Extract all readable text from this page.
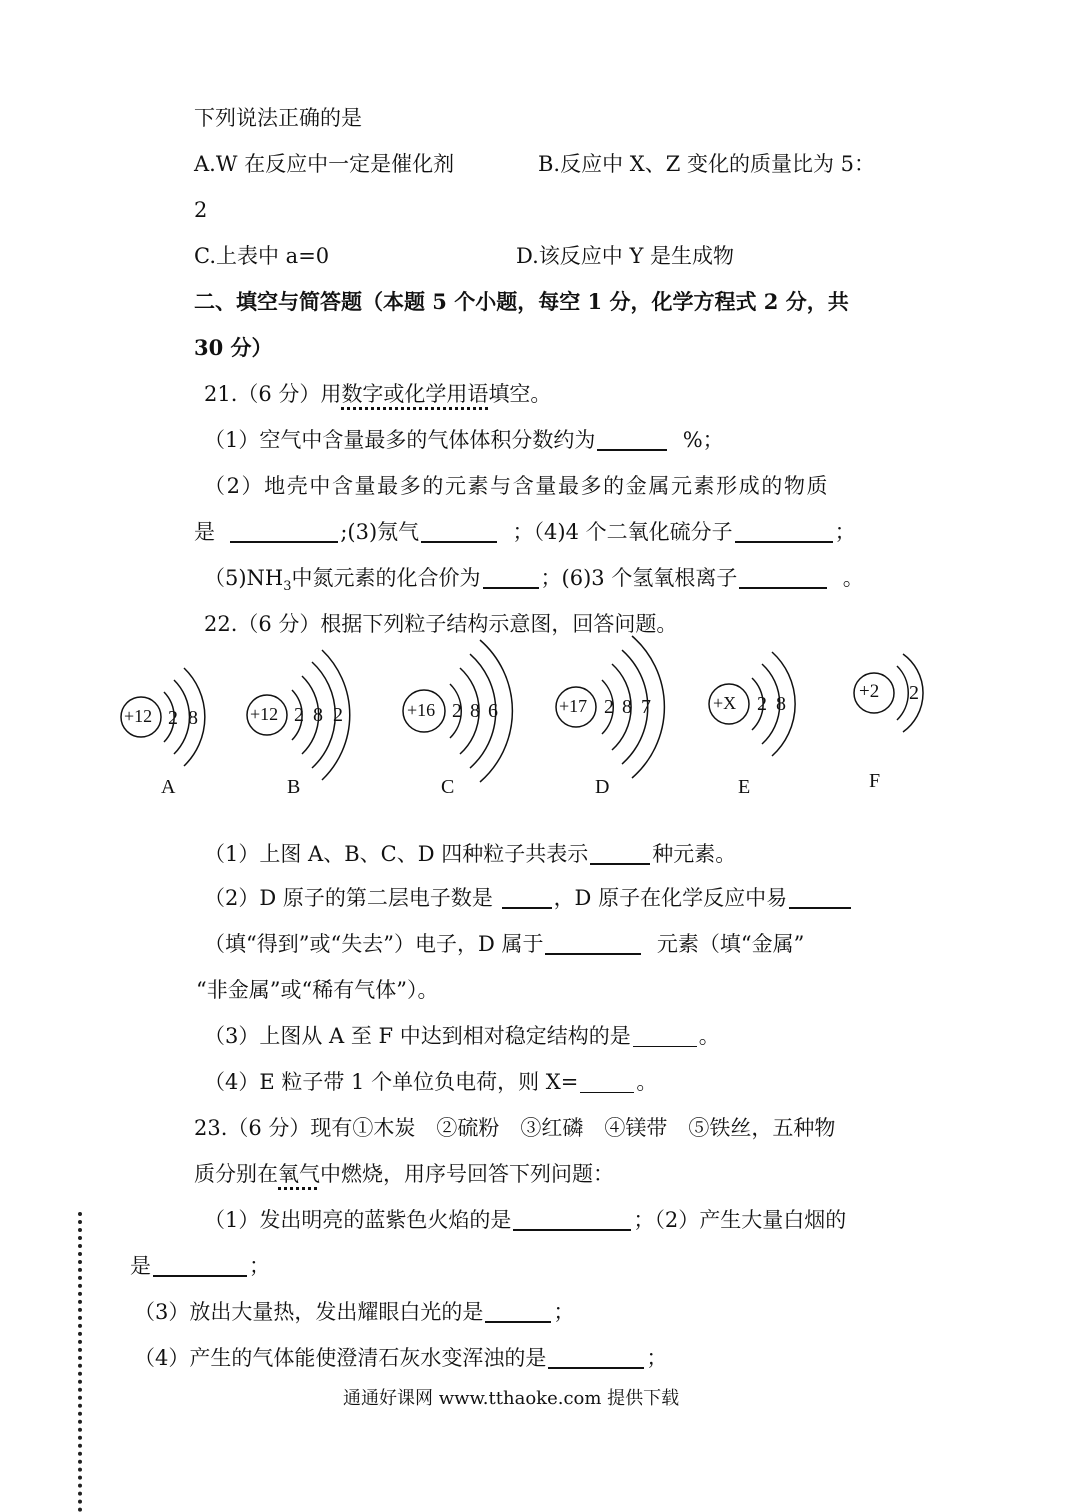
下列说法正确的是
A.W 在反应中一定是催化剂	B.反应中 X、Z 变化的质量比为 5：
2
C.上表中 a=0	D.该反应中 Y 是生成物
二、填空与简答题（本题 5 个小题，每空 1 分，化学方程式 2 分，共
30 分）
21.（6 分）用数字或化学用语填空。
（1）空气中含量最多的气体体积分数约为	%；
（2）地壳中含量最多的元素与含量最多的金属元素形成的物质
是	;(3)氖气	；（4)4 个二氧化硫分子	；
$(5)NH_3$中氮元素的化合价为	；(6)3 个氢氧根离子	。
22.（6 分）根据下列粒子结构示意图，回答问题。
+12 2 8
A
+12 2 8 2
B
+16 2 8 6
C
+17 2 8 7
D
+X 2 8
E
+2 2
F
（1）上图 A、B、C、D 四种粒子共表示	种元素。
（2）D 原子的第二层电子数是	，D 原子在化学反应中易
（填“得到”或“失去”）电子，D 属于	元素（填“金属”
“非金属”或“稀有气体”）。
（3）上图从 A 至 F 中达到相对稳定结构的是	。
（4）E 粒子带 1 个单位负电荷，则 X=	。
23.（6 分）现有①木炭　②硫粉　③红磷　④镁带　⑤铁丝，五种物
质分别在氧气中燃烧，用序号回答下列问题：
（1）发出明亮的蓝紫色火焰的是	；（2）产生大量白烟的
是	；
（3）放出大量热，发出耀眼白光的是	；
（4）产生的气体能使澄清石灰水变浑浊的是	；
通通好课网 www.tthaoke.com 提供下载
